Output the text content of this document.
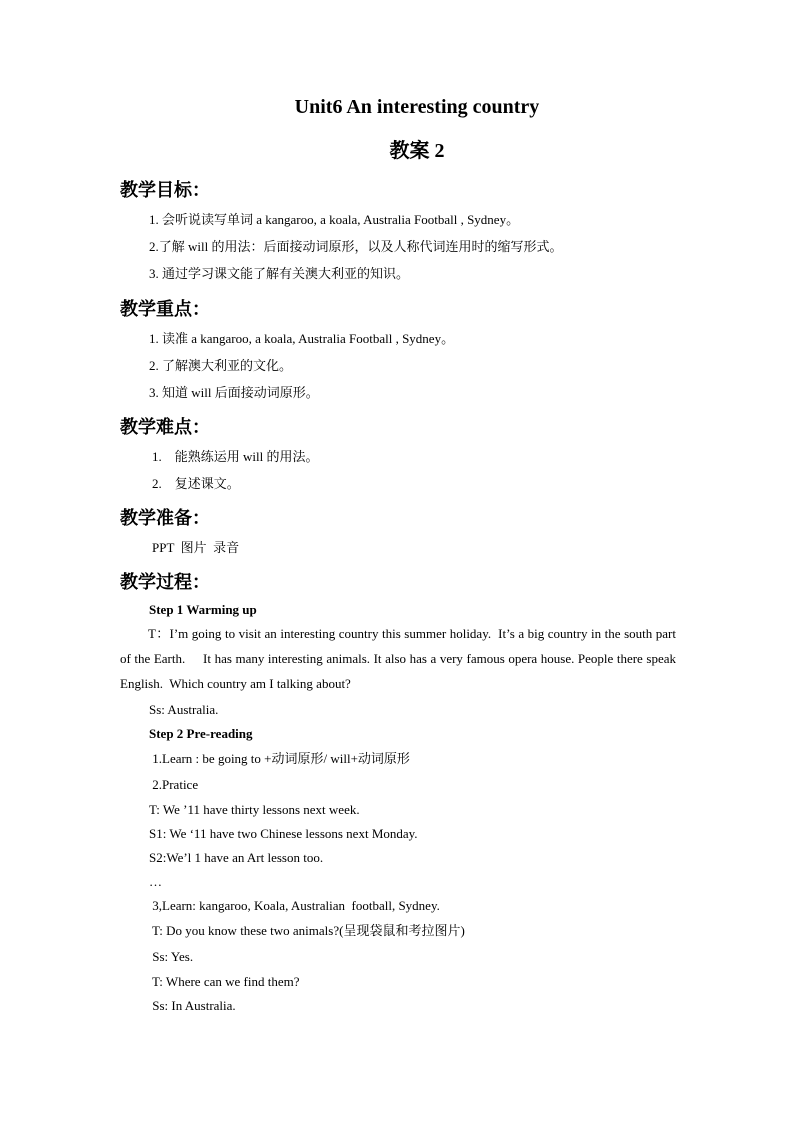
Unit6 An interesting country
教案 2
教学目标：
1. 会听说读写单词 a kangaroo, a koala, Australia Football , Sydney。
2.了解 will 的用法：后面接动词原形，以及人称代词连用时的缩写形式。
3. 通过学习课文能了解有关澳大利亚的知识。
教学重点：
1. 读准 a kangaroo, a koala, Australia Football , Sydney。
2. 了解澳大利亚的文化。
3. 知道 will 后面接动词原形。
教学难点：
1.    能熟练运用 will 的用法。
2.    复述课文。
教学准备：
PPT  图片  录音
教学过程：
Step 1 Warming up
T：I’m going to visit an interesting country this summer holiday.  It’s a big country in the south part of the Earth.     It has many interesting animals. It also has a very famous opera house. People there speak English.  Which country am I talking about?
Ss: Australia.
Step 2 Pre-reading
1.Learn : be going to +动词原形/ will+动词原形
2.Pratice
T: We ’11 have thirty lessons next week.
S1: We ‘11 have two Chinese lessons next Monday.
S2:We’l 1 have an Art lesson too.
…
3,Learn: kangaroo, Koala, Australian  football, Sydney.
T: Do you know these two animals?(呈现袋鼠和考拉图片)
Ss: Yes.
T: Where can we find them?
Ss: In Australia.
